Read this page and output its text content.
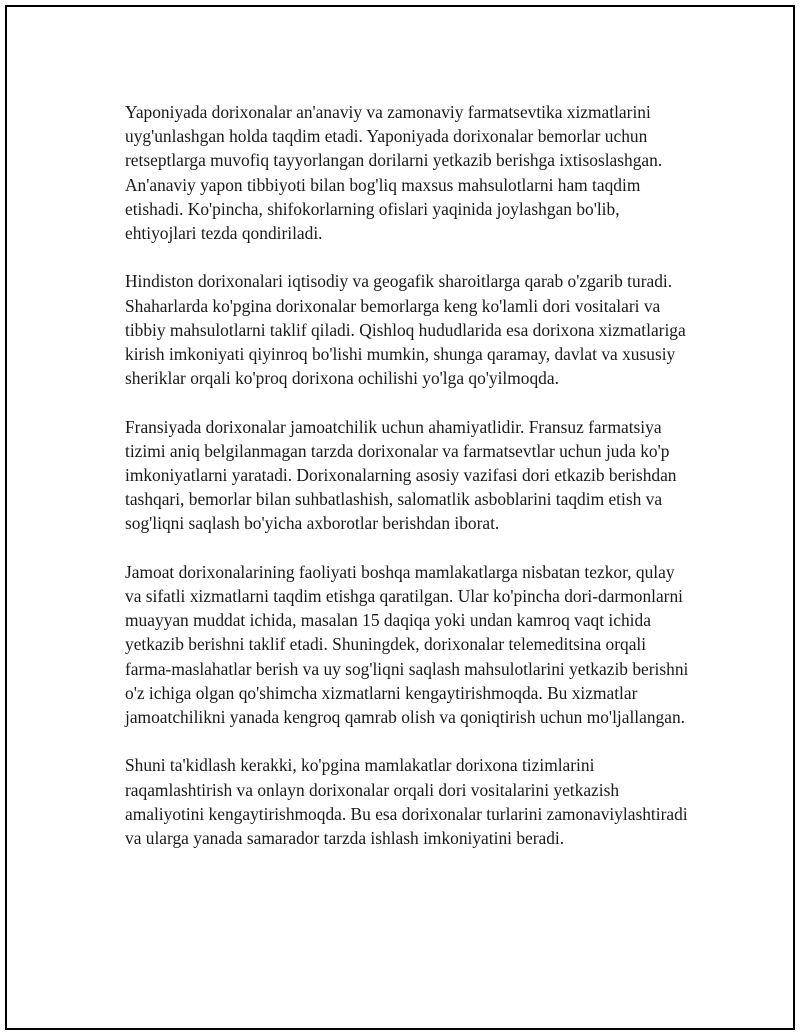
Yaponiyada dorixonalar an'anaviy va zamonaviy farmatsevtika xizmatlarini uyg'unlashgan holda taqdim etadi. Yaponiyada dorixonalar bemorlar uchun retseptlarga muvofiq tayyorlangan dorilarni yetkazib berishga ixtisoslashgan. An'anaviy yapon tibbiyoti bilan bog'liq maxsus mahsulotlarni ham taqdim etishadi. Ko'pincha, shifokorlarning ofislari yaqinida joylashgan bo'lib, ehtiyojlari tezda qondiriladi.

Hindiston dorixonalari iqtisodiy va geogafik sharoitlarga qarab o'zgarib turadi. Shaharlarda ko'pgina dorixonalar bemorlarga keng ko'lamli dori vositalari va tibbiy mahsulotlarni taklif qiladi. Qishloq hududlarida esa dorixona xizmatlariga kirish imkoniyati qiyinroq bo'lishi mumkin, shunga qaramay, davlat va xususiy sheriklar orqali ko'proq dorixona ochilishi yo'lga qo'yilmoqda.

Fransiyada dorixonalar jamoatchilik uchun ahamiyatlidir. Fransuz farmatsiya tizimi aniq belgilanmagan tarzda dorixonalar va farmatsevtlar uchun juda ko'p imkoniyatlarni yaratadi. Dorixonalarning asosiy vazifasi dori etkazib berishdan tashqari, bemorlar bilan suhbatlashish, salomatlik asboblarini taqdim etish va sog'liqni saqlash bo'yicha axborotlar berishdan iborat.

Jamoat dorixonalarining faoliyati boshqa mamlakatlarga nisbatan tezkor, qulay va sifatli xizmatlarni taqdim etishga qaratilgan. Ular ko'pincha dori-darmonlarni muayyan muddat ichida, masalan 15 daqiqa yoki undan kamroq vaqt ichida yetkazib berishni taklif etadi. Shuningdek, dorixonalar telemeditsina orqali farma-maslahatlar berish va uy sog'liqni saqlash mahsulotlarini yetkazib berishni o'z ichiga olgan qo'shimcha xizmatlarni kengaytirishmoqda. Bu xizmatlar jamoatchilikni yanada kengroq qamrab olish va qoniqtirish uchun mo'ljallangan.

Shuni ta'kidlash kerakki, ko'pgina mamlakatlar dorixona tizimlarini raqamlashtirish va onlayn dorixonalar orqali dori vositalarini yetkazish amaliyotini kengaytirishmoqda. Bu esa dorixonalar turlarini zamonaviylashtiradi va ularga yanada samarador tarzda ishlash imkoniyatini beradi.
